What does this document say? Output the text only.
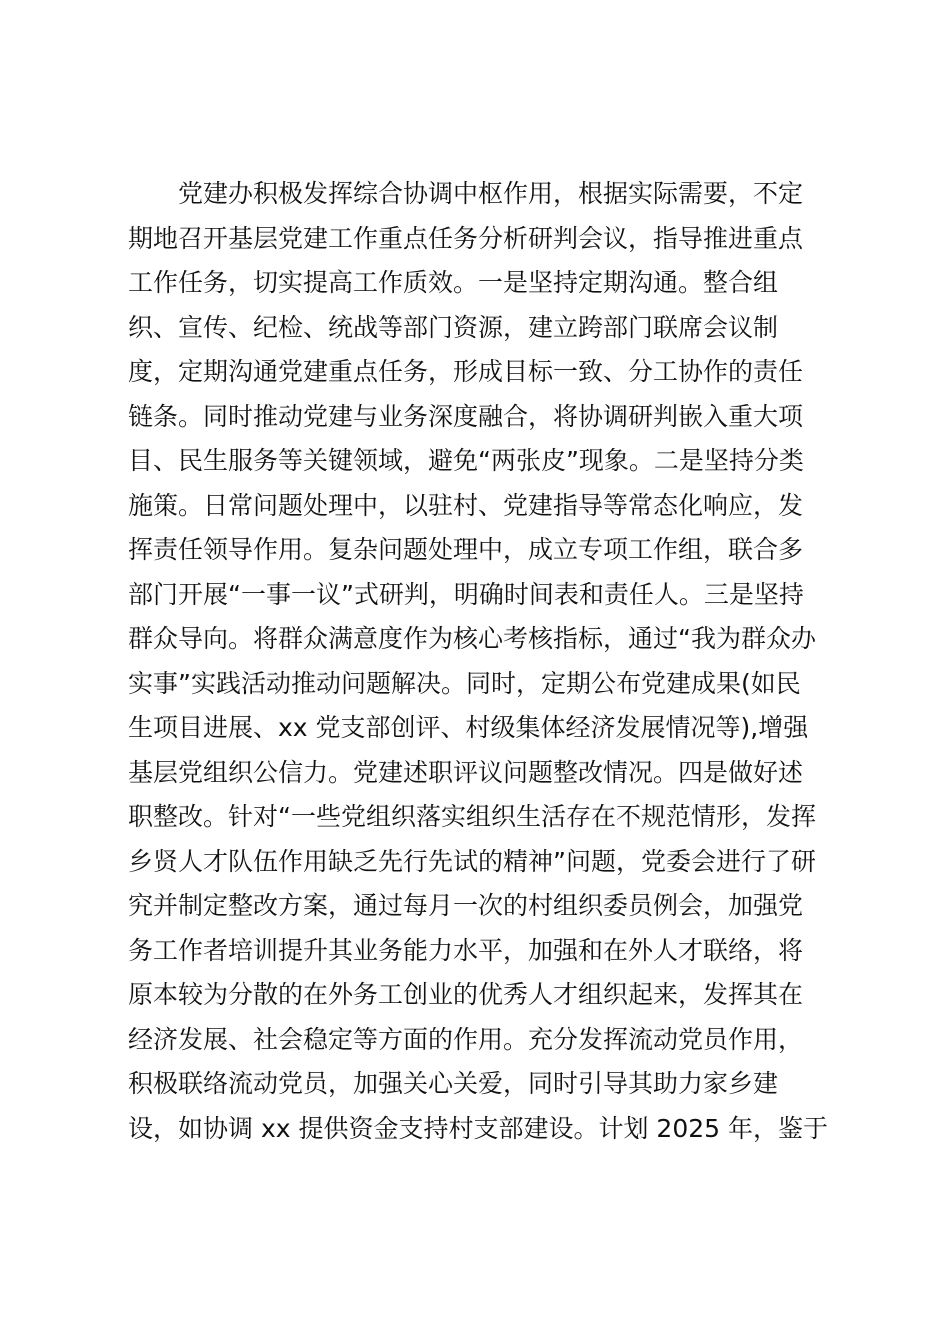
党建办积极发挥综合协调中枢作用，根据实际需要，不定
期地召开基层党建工作重点任务分析研判会议，指导推进重点
工作任务，切实提高工作质效。一是坚持定期沟通。整合组
织、宣传、纪检、统战等部门资源，建立跨部门联席会议制
度，定期沟通党建重点任务，形成目标一致、分工协作的责任
链条。同时推动党建与业务深度融合，将协调研判嵌入重大项
目、民生服务等关键领域，避免“两张皮”现象。二是坚持分类
施策。日常问题处理中，以驻村、党建指导等常态化响应，发
挥责任领导作用。复杂问题处理中，成立专项工作组，联合多
部门开展“一事一议”式研判，明确时间表和责任人。三是坚持
群众导向。将群众满意度作为核心考核指标，通过“我为群众办
实事”实践活动推动问题解决。同时，定期公布党建成果(如民
生项目进展、xx 党支部创评、村级集体经济发展情况等),增强
基层党组织公信力。党建述职评议问题整改情况。四是做好述
职整改。针对“一些党组织落实组织生活存在不规范情形，发挥
乡贤人才队伍作用缺乏先行先试的精神”问题，党委会进行了研
究并制定整改方案，通过每月一次的村组织委员例会，加强党
务工作者培训提升其业务能力水平，加强和在外人才联络，将
原本较为分散的在外务工创业的优秀人才组织起来，发挥其在
经济发展、社会稳定等方面的作用。充分发挥流动党员作用，
积极联络流动党员，加强关心关爱，同时引导其助力家乡建
设，如协调 xx 提供资金支持村支部建设。计划 2025 年，鉴于
